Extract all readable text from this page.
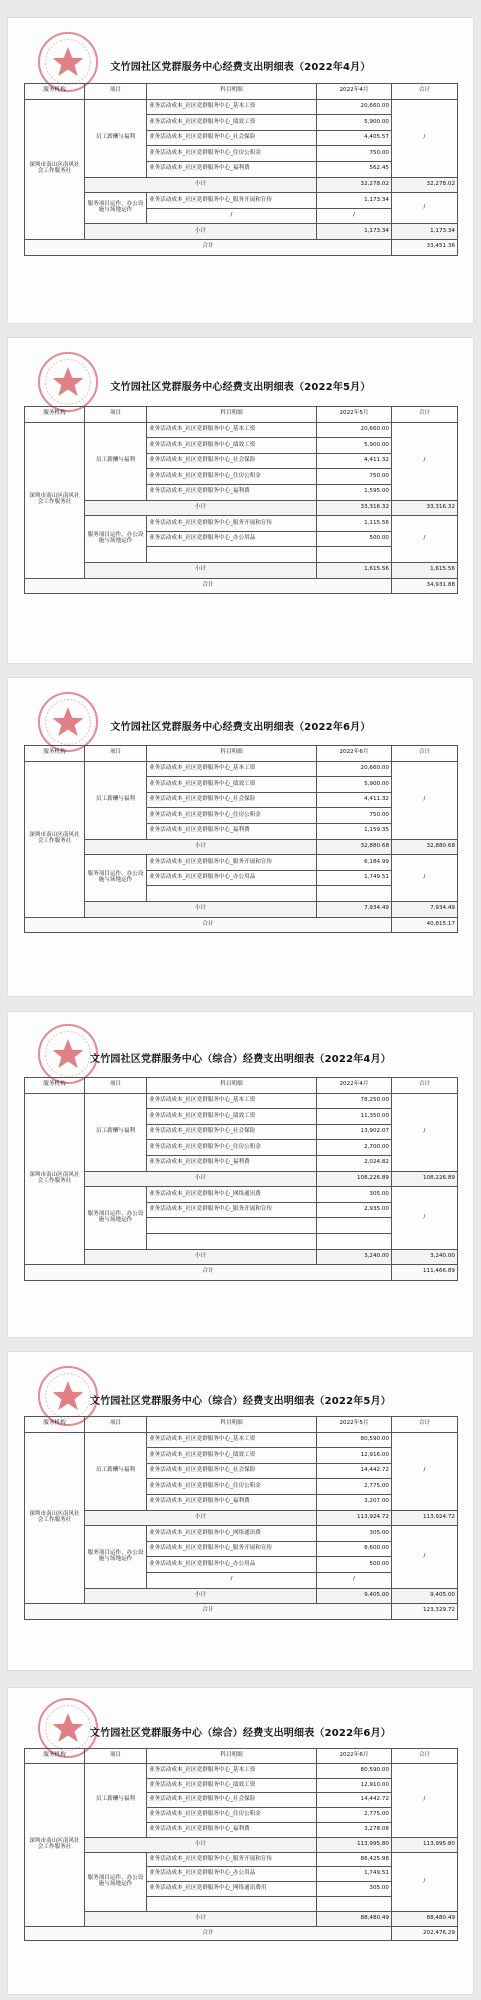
文竹园社区党群服务中心经费支出明细表（2022年4月）
服务机构	项目	科目明细	2022年4月	合计
深圳市南山区南风社会工作服务社	员工薪酬与福利	业务活动成本_社区党群服务中心_基本工资	20,660.00	/
		业务活动成本_社区党群服务中心_绩效工资	5,900.00	
		业务活动成本_社区党群服务中心_社会保险	4,405.57	
		业务活动成本_社区党群服务中心_住房公积金	750.00	
		业务活动成本_社区党群服务中心_福利费	562.45	
	小计		32,278.02	32,278.02
	服务项目运作、办公设施与场地运作	业务活动成本_社区党群服务中心_服务开展和宣传	1,173.34	/
		/	/	
	小计		1,173.34	1,173.34
合计				33,451.36
文竹园社区党群服务中心经费支出明细表（2022年5月）
服务机构	项目	科目明细	2022年5月	合计
深圳市南山区南风社会工作服务社	员工薪酬与福利	业务活动成本_社区党群服务中心_基本工资	20,660.00	/
		业务活动成本_社区党群服务中心_绩效工资	5,900.00	
		业务活动成本_社区党群服务中心_社会保险	4,411.32	
		业务活动成本_社区党群服务中心_住房公积金	750.00	
		业务活动成本_社区党群服务中心_福利费	1,595.00	
	小计		33,316.32	33,316.32
	服务项目运作、办公设施与场地运作	业务活动成本_社区党群服务中心_服务开展和宣传	1,115.56	/
		业务活动成本_社区党群服务中心_办公用品	500.00	

	小计		1,615.56	1,615.56
合计				34,931.88
文竹园社区党群服务中心经费支出明细表（2022年6月）
服务机构	项目	科目明细	2022年6月	合计
深圳市南山区南风社会工作服务社	员工薪酬与福利	业务活动成本_社区党群服务中心_基本工资	20,660.00	/
		业务活动成本_社区党群服务中心_绩效工资	5,900.00	
		业务活动成本_社区党群服务中心_社会保险	4,411.32	
		业务活动成本_社区党群服务中心_住房公积金	750.00	
		业务活动成本_社区党群服务中心_福利费	1,159.35	
	小计		32,880.68	32,880.68
	服务项目运作、办公设施与场地运作	业务活动成本_社区党群服务中心_服务开展和宣传	6,184.99	/
		业务活动成本_社区党群服务中心_办公用品	1,749.51	

	小计		7,934.49	7,934.49
合计				40,815.17
文竹园社区党群服务中心（综合）经费支出明细表（2022年4月）
服务机构	项目	科目明细	2022年4月	合计
深圳市南山区南风社会工作服务社	员工薪酬与福利	业务活动成本_社区党群服务中心_基本工资	78,250.00	/
		业务活动成本_社区党群服务中心_绩效工资	11,350.00	
		业务活动成本_社区党群服务中心_社会保险	13,902.07	
		业务活动成本_社区党群服务中心_住房公积金	2,700.00	
		业务活动成本_社区党群服务中心_福利费	2,024.82	
	小计		108,226.89	108,226.89
	服务项目运作、办公设施与场地运作	业务活动成本_社区党群服务中心_网络通讯费	305.00	/
		业务活动成本_社区党群服务中心_服务开展和宣传	2,935.00	

	小计		3,240.00	3,240.00
合计				111,466.89
文竹园社区党群服务中心（综合）经费支出明细表（2022年5月）
服务机构	项目	科目明细	2022年5月	合计
深圳市南山区南风社会工作服务社	员工薪酬与福利	业务活动成本_社区党群服务中心_基本工资	80,590.00	/
		业务活动成本_社区党群服务中心_绩效工资	12,916.00	
		业务活动成本_社区党群服务中心_社会保险	14,442.72	
		业务活动成本_社区党群服务中心_住房公积金	2,775.00	
		业务活动成本_社区党群服务中心_福利费	3,207.00	
	小计		113,924.72	113,924.72
	服务项目运作、办公设施与场地运作	业务活动成本_社区党群服务中心_网络通讯费	305.00	/
		业务活动成本_社区党群服务中心_服务开展和宣传	8,600.00	
		业务活动成本_社区党群服务中心_办公用品	500.00	
		/	/	
	小计		9,405.00	9,405.00
合计				123,329.72
文竹园社区党群服务中心（综合）经费支出明细表（2022年6月）
服务机构	项目	科目明细	2022年6月	合计
深圳市南山区南风社会工作服务社	员工薪酬与福利	业务活动成本_社区党群服务中心_基本工资	80,590.00	/
		业务活动成本_社区党群服务中心_绩效工资	12,910.00	
		业务活动成本_社区党群服务中心_社会保险	14,442.72	
		业务活动成本_社区党群服务中心_住房公积金	2,775.00	
		业务活动成本_社区党群服务中心_福利费	3,278.08	
	小计		113,995.80	113,995.80
	服务项目运作、办公设施与场地运作	业务活动成本_社区党群服务中心_服务开展和宣传	86,425.98	/
		业务活动成本_社区党群服务中心_办公用品	1,749.51	
		业务活动成本_社区党群服务中心_网络通讯费用	305.00	

	小计		88,480.49	88,480.49
合计				202,476.29
